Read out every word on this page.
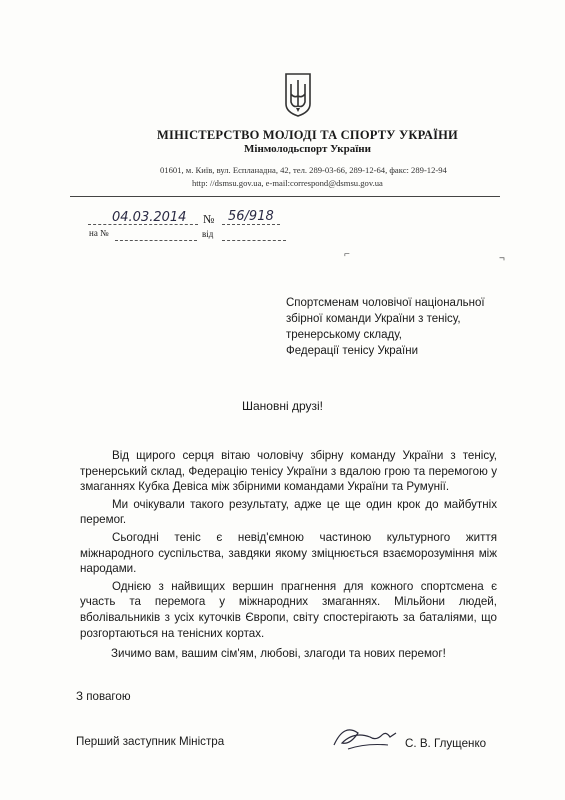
МІНІСТЕРСТВО МОЛОДІ ТА СПОРТУ УКРАЇНИ
Мінмолодьспорт України
01601, м. Київ, вул. Еспланадна, 42, тел. 289-03-66, 289-12-64, факс: 289-12-94
http: //dsmsu.gov.ua, e-mail:correspond@dsmsu.gov.ua
04.03.2014 № 56/918
на №	від
⌐	¬
Спортсменам чоловічої національної
збірної команди України з тенісу,
тренерському складу,
Федерації тенісу України
Шановні друзі!

Від щирого серця вітаю чоловічу збірну команду України з тенісу, тренерський склад, Федерацію тенісу України з вдалою грою та перемогою у змаганнях Кубка Девіса між збірними командами України та Румунії.

Ми очікували такого результату, адже це ще один крок до майбутніх перемог.

Сьогодні теніс є невід'ємною частиною культурного життя міжнародного суспільства, завдяки якому зміцнюється взаєморозуміння між народами.

Однією з найвищих вершин прагнення для кожного спортсмена є участь та перемога у міжнародних змаганнях. Мільйони людей, вболівальників з усіх куточків Європи, світу спостерігають за баталіями, що розгортаються на тенісних кортах.

Зичимо вам, вашим сім'ям, любові, злагоди та нових перемог!
З повагою
Перший заступник Міністра	С. В. Глущенко
